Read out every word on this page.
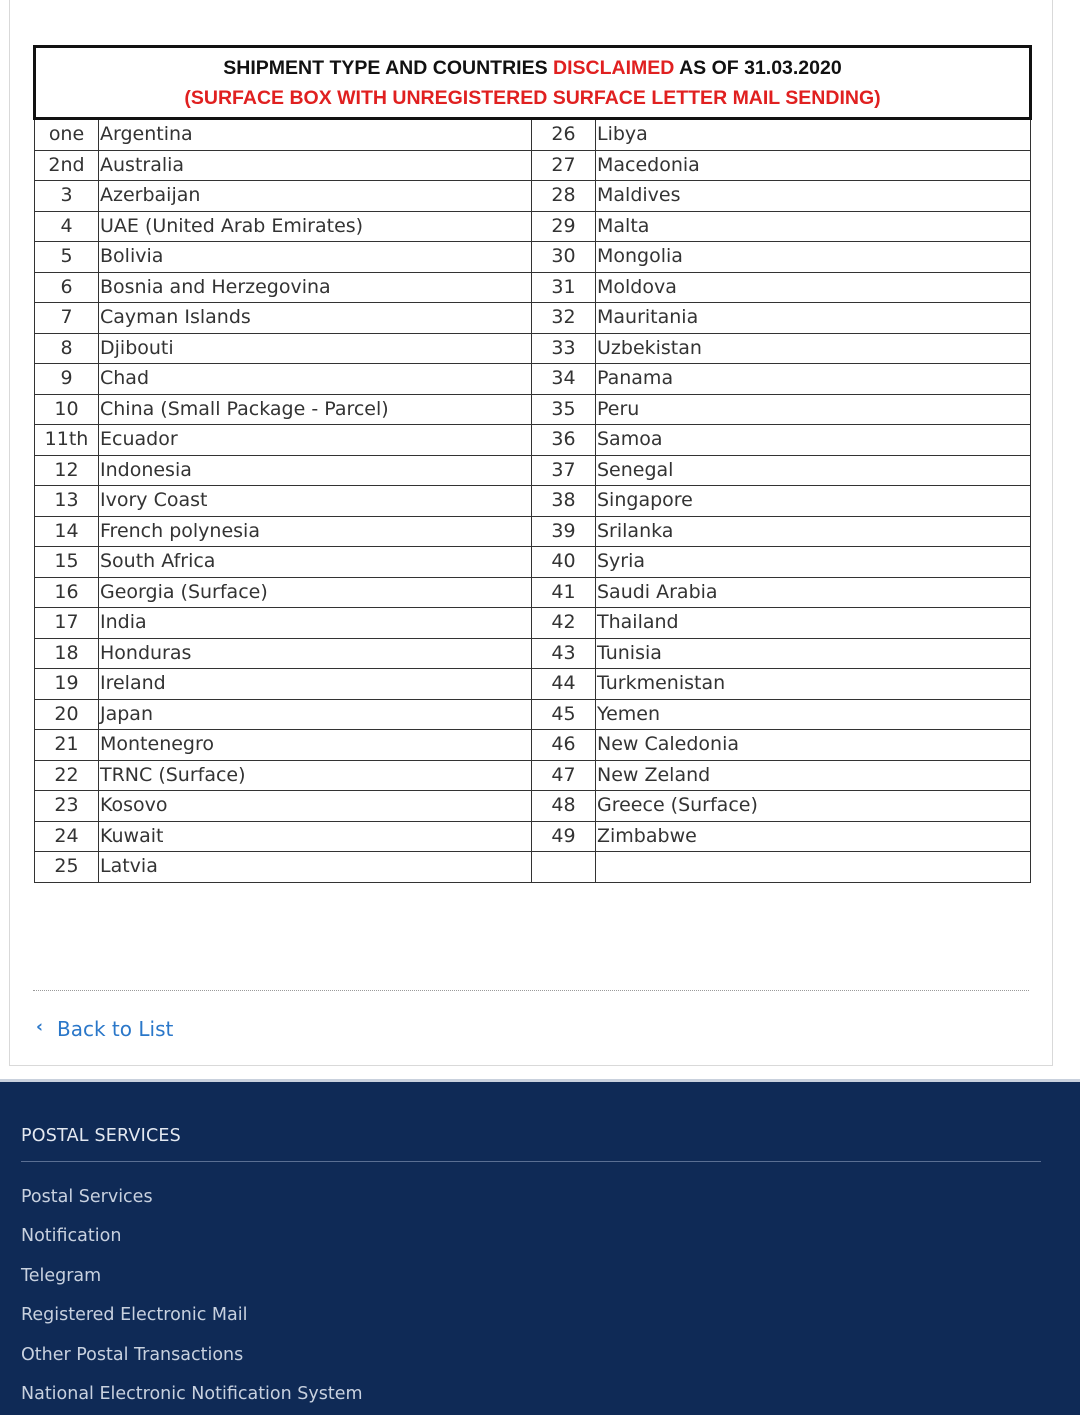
SHIPMENT TYPE AND COUNTRIES DISCLAIMED AS OF 31.03.2020
(SURFACE BOX WITH UNREGISTERED SURFACE LETTER MAIL SENDING)			

one	Argentina	26	Libya
2nd	Australia	27	Macedonia
3	Azerbaijan	28	Maldives
4	UAE (United Arab Emirates)	29	Malta
5	Bolivia	30	Mongolia
6	Bosnia and Herzegovina	31	Moldova
7	Cayman Islands	32	Mauritania
8	Djibouti	33	Uzbekistan
9	Chad	34	Panama
10	China (Small Package - Parcel)	35	Peru
11th	Ecuador	36	Samoa
12	Indonesia	37	Senegal
13	Ivory Coast	38	Singapore
14	French polynesia	39	Srilanka
15	South Africa	40	Syria
16	Georgia (Surface)	41	Saudi Arabia
17	India	42	Thailand
18	Honduras	43	Tunisia
19	Ireland	44	Turkmenistan
20	Japan	45	Yemen
21	Montenegro	46	New Caledonia
22	TRNC (Surface)	47	New Zeland
23	Kosovo	48	Greece (Surface)
24	Kuwait	49	Zimbabwe
25	Latvia		
‹ Back to List
POSTAL SERVICES
Postal Services
Notification
Telegram
Registered Electronic Mail
Other Postal Transactions
National Electronic Notification System
